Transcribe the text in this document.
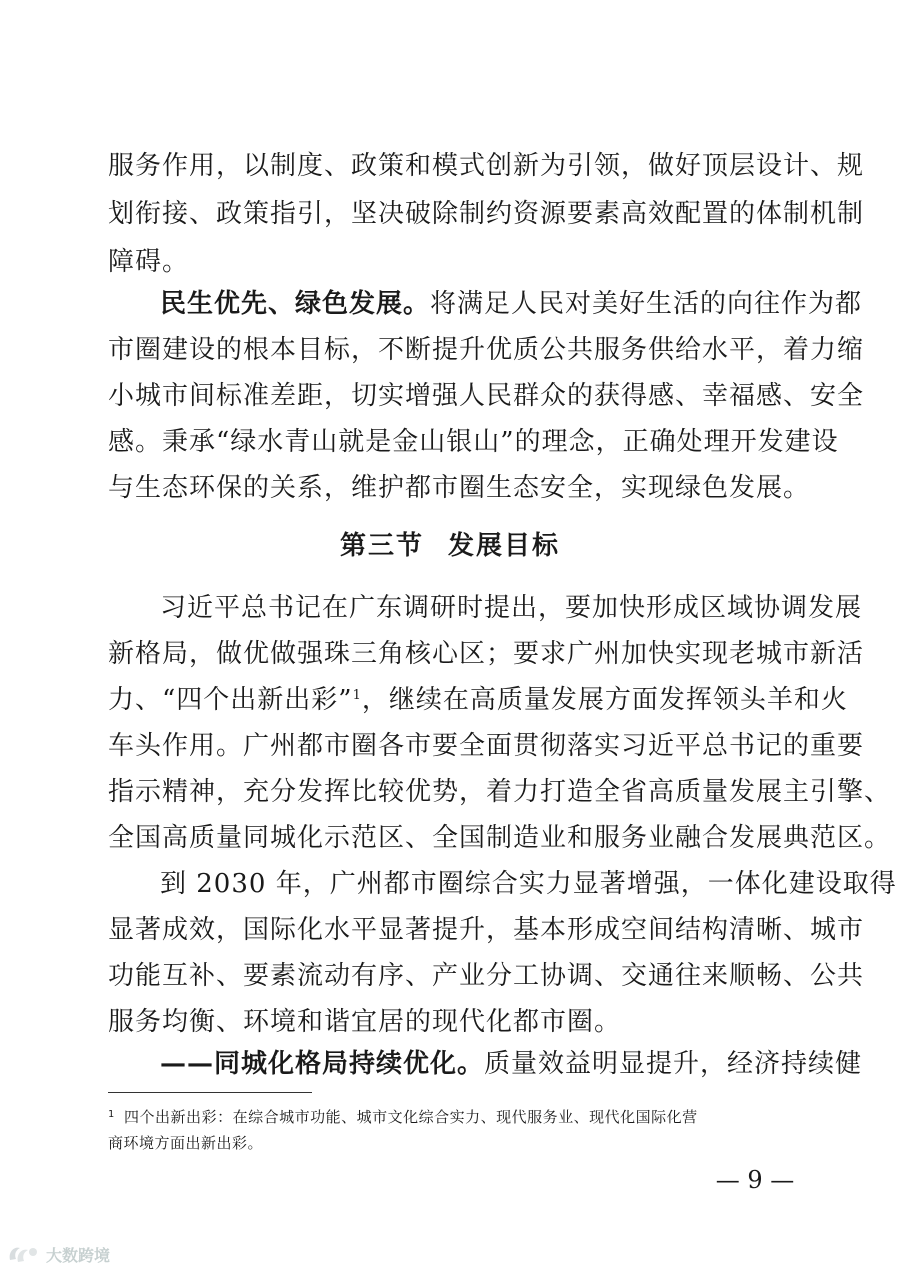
服务作用，以制度、政策和模式创新为引领，做好顶层设计、规
划衔接、政策指引，坚决破除制约资源要素高效配置的体制机制
障碍。
民生优先、绿色发展。将满足人民对美好生活的向往作为都
市圈建设的根本目标，不断提升优质公共服务供给水平，着力缩
小城市间标准差距，切实增强人民群众的获得感、幸福感、安全
感。秉承“绿水青山就是金山银山”的理念，正确处理开发建设
与生态环保的关系，维护都市圈生态安全，实现绿色发展。
第三节 发展目标
习近平总书记在广东调研时提出，要加快形成区域协调发展
新格局，做优做强珠三角核心区；要求广州加快实现老城市新活
力、“四个出新出彩”$^1$，继续在高质量发展方面发挥领头羊和火
车头作用。广州都市圈各市要全面贯彻落实习近平总书记的重要
指示精神，充分发挥比较优势，着力打造全省高质量发展主引擎、
全国高质量同城化示范区、全国制造业和服务业融合发展典范区。
到 2030 年，广州都市圈综合实力显著增强，一体化建设取得
显著成效，国际化水平显著提升，基本形成空间结构清晰、城市
功能互补、要素流动有序、产业分工协调、交通往来顺畅、公共
服务均衡、环境和谐宜居的现代化都市圈。
——同城化格局持续优化。质量效益明显提升，经济持续健
$^1$ 四个出新出彩：在综合城市功能、城市文化综合实力、现代服务业、现代化国际化营
商环境方面出新出彩。
— 9 —
大数跨境
